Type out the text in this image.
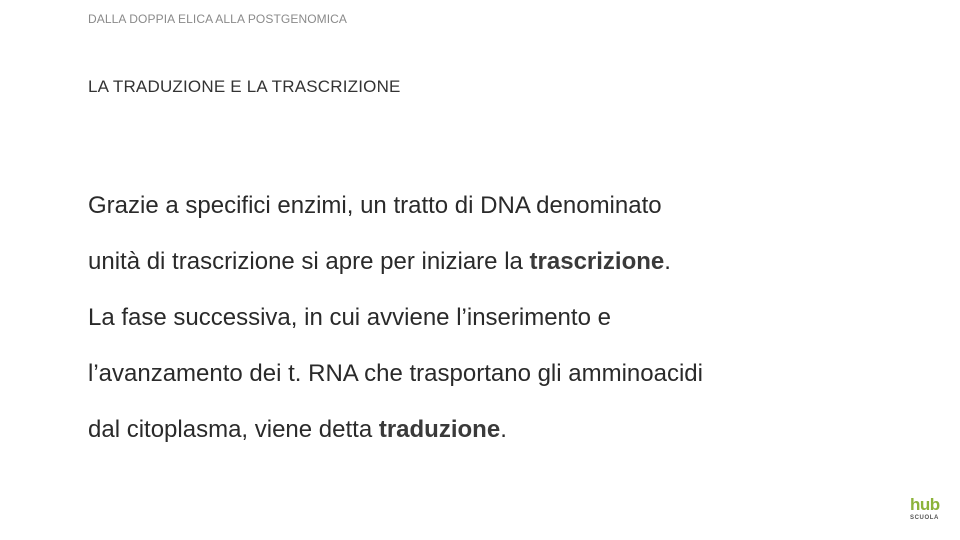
DALLA DOPPIA ELICA ALLA POSTGENOMICA
LA TRADUZIONE E LA TRASCRIZIONE
Grazie a specifici enzimi, un tratto di DNA denominato
unità di trascrizione si apre per iniziare la trascrizione.
La fase successiva, in cui avviene l’inserimento e
l’avanzamento dei t. RNA che trasportano gli amminoacidi
dal citoplasma, viene detta traduzione.
hub
SCUOLA
